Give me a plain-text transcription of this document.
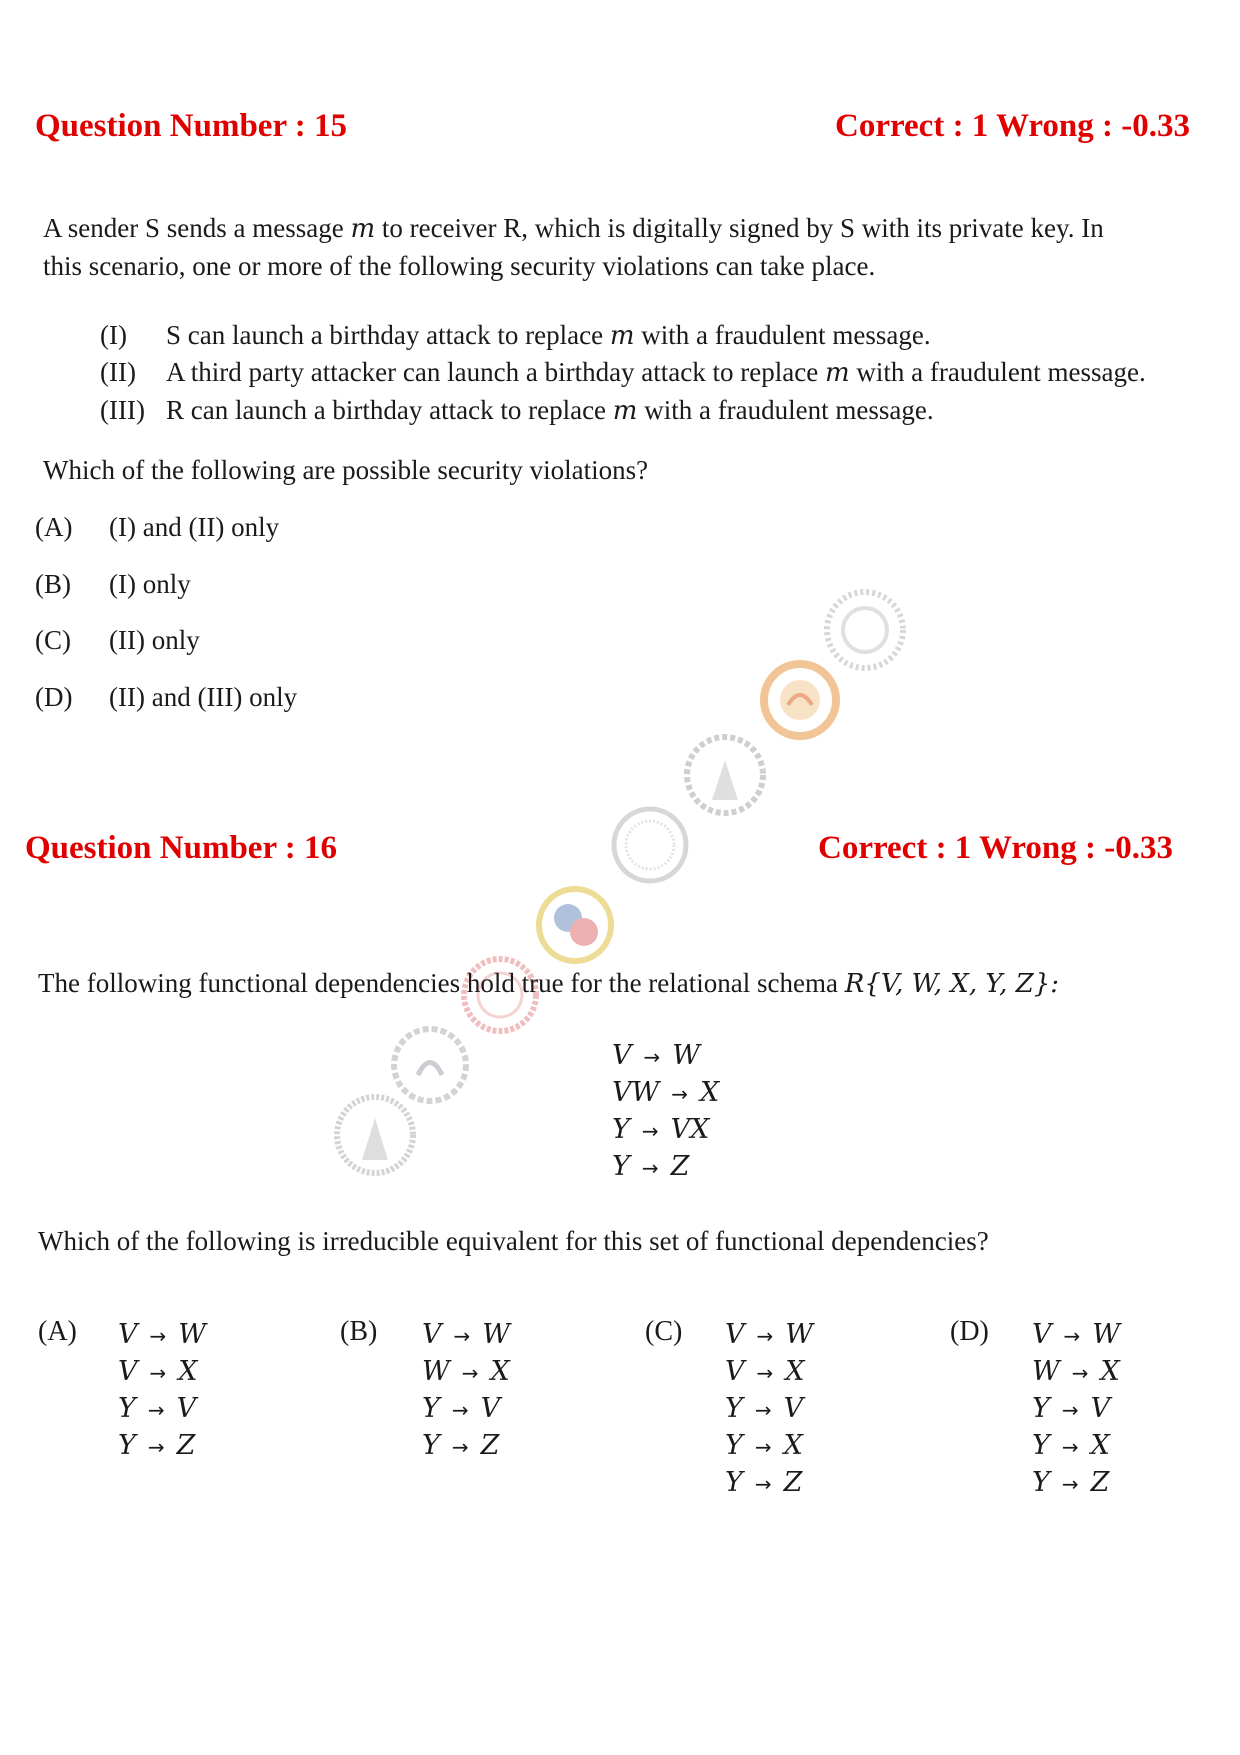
Question Number : 15	Correct : 1 Wrong : -0.33
A sender S sends a message m to receiver R, which is digitally signed by S with its private key. In
this scenario, one or more of the following security violations can take place.
(I) S can launch a birthday attack to replace m with a fraudulent message.
(II) A third party attacker can launch a birthday attack to replace m with a fraudulent message.
(III) R can launch a birthday attack to replace m with a fraudulent message.
Which of the following are possible security violations?
(A) (I) and (II) only
(B) (I) only
(C) (II) only
(D) (II) and (III) only
Question Number : 16	Correct : 1 Wrong : -0.33
The following functional dependencies hold true for the relational schema R{V, W, X, Y, Z}:
V → W
VW → X
Y → VX
Y → Z
Which of the following is irreducible equivalent for this set of functional dependencies?
(A) V → W
V → X
Y → V
Y → Z
(B) V → W
W → X
Y → V
Y → Z
(C) V → W
V → X
Y → V
Y → X
Y → Z
(D) V → W
W → X
Y → V
Y → X
Y → Z
